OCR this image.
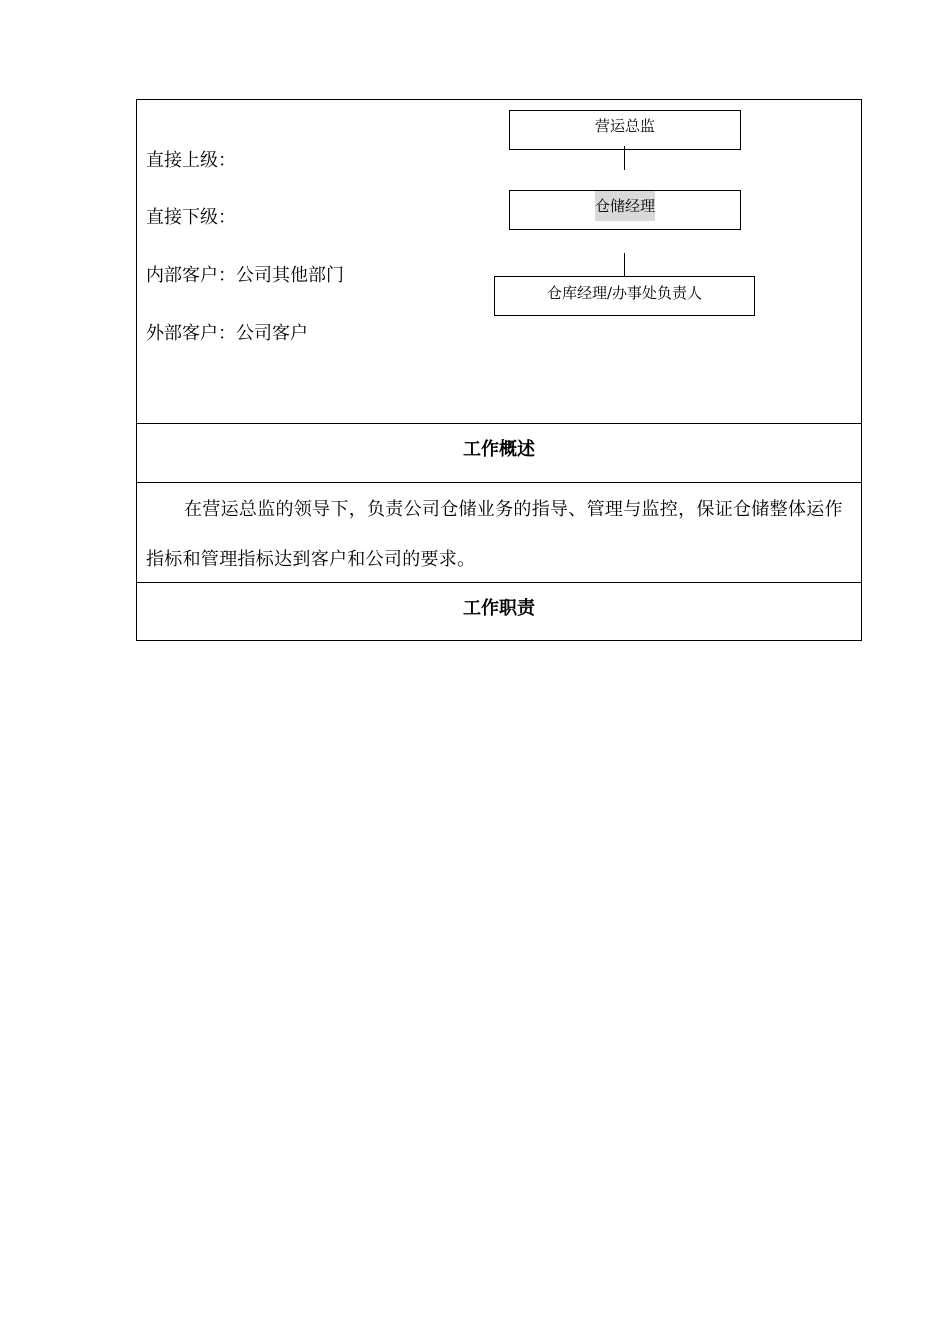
直接上级：
直接下级：
内部客户：公司其他部门
外部客户：公司客户
营运总监
仓储经理
仓库经理/办事处负责人
工作概述
在营运总监的领导下，负责公司仓储业务的指导、管理与监控，保证仓储整体运作指标和管理指标达到客户和公司的要求。
工作职责
